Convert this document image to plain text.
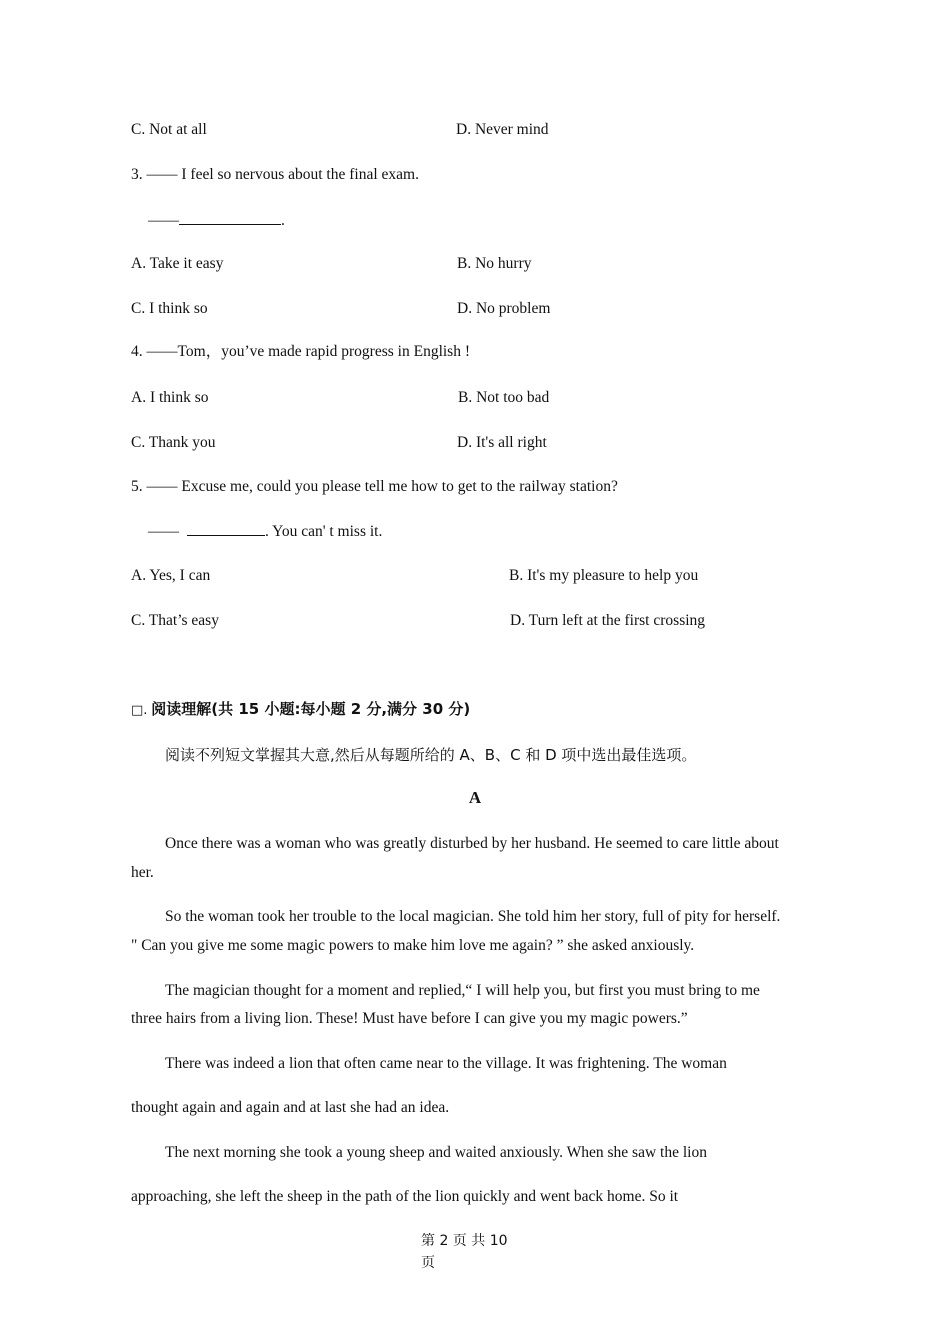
C. Not at all	D. Never mind
3. —— I feel so nervous about the final exam.
——	.
A. Take it easy	B. No hurry
C. I think so	D. No problem
4. ——Tom，you’ve made rapid progress in English !
A. I think so	B. Not too bad
C. Thank you	D. It's all right
5. —— Excuse me, could you please tell me how to get to the railway station?
——	. You can' t miss it.
A. Yes, I can	B. It's my pleasure to help you
C. That’s easy	D. Turn left at the first crossing
□. 阅读理解(共 15 小题:每小题 2 分,满分 30 分)
阅读不列短文掌握其大意,然后从每题所给的 A、B、C 和 D 项中选出最佳选项。
A
Once there was a woman who was greatly disturbed by her husband. He seemed to care little about
her.
So the woman took her trouble to the local magician. She told him her story, full of pity for herself.
" Can you give me some magic powers to make him love me again? ” she asked anxiously.
The magician thought for a moment and replied,“ I will help you, but first you must bring to me
three hairs from a living lion. These! Must have before I can give you my magic powers.”
There was indeed a lion that often came near to the village. It was frightening. The woman
thought again and again and at last she had an idea.
The next morning she took a young sheep and waited anxiously. When she saw the lion
approaching, she left the sheep in the path of the lion quickly and went back home. So it
第 2 页 共 10
页
